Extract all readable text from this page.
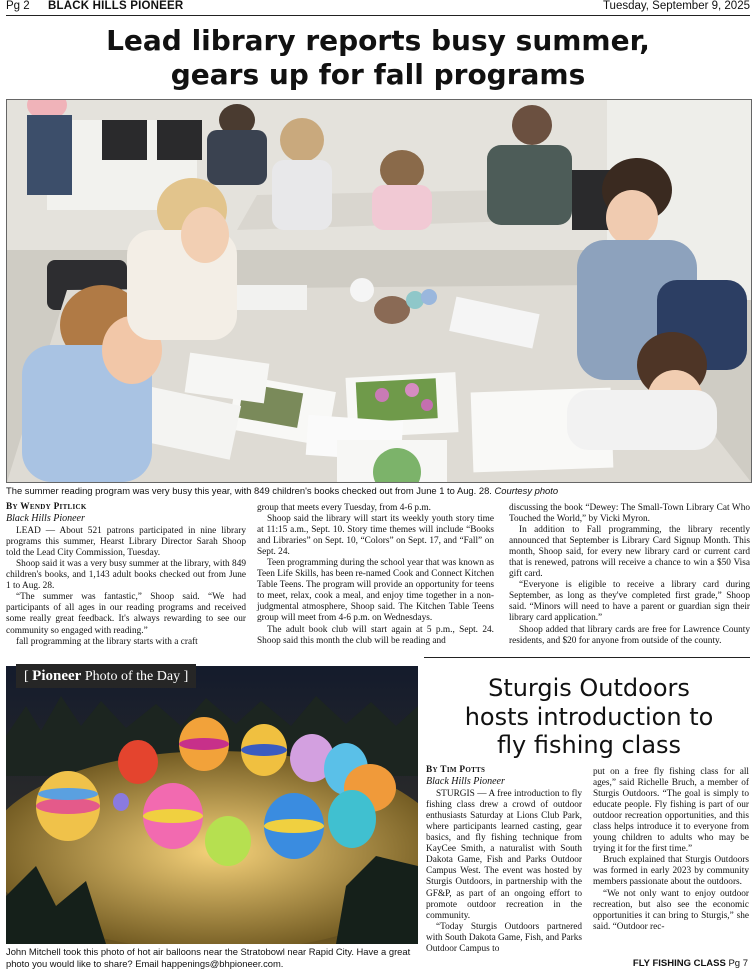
Pg 2 BLACK HILLS PIONEER	Tuesday, September 9, 2025
Lead library reports busy summer,
gears up for fall programs
The summer reading program was very busy this year, with 849 children's books checked out from June 1 to Aug. 28. Courtesy photo
By Wendy Pitlick
Black Hills Pioneer

LEAD — About 521 patrons participated in nine library programs this summer, Hearst Library Director Sarah Shoop told the Lead City Commission, Tuesday.

Shoop said it was a very busy summer at the library, with 849 children's books, and 1,143 adult books checked out from June 1 to Aug. 28.

“The summer was fantastic,” Shoop said. “We had participants of all ages in our reading programs and received some really great feedback. It's always rewarding to see our community so engaged with reading.”

fall programming at the library starts with a craft

group that meets every Tuesday, from 4-6 p.m.

Shoop said the library will start its weekly youth story time at 11:15 a.m., Sept. 10. Story time themes will include “Books and Libraries” on Sept. 10, “Colors” on Sept. 17, and “Fall” on Sept. 24.

Teen programming during the school year that was known as Teen Life Skills, has been re-named Cook and Connect Kitchen Table Teens. The program will provide an opportunity for teens to meet, relax, cook a meal, and enjoy time together in a non-judgmental atmosphere, Shoop said. The Kitchen Table Teens group will meet from 4-6 p.m. on Wednesdays.

The adult book club will start again at 5 p.m., Sept. 24. Shoop said this month the club will be reading and

discussing the book “Dewey: The Small-Town Library Cat Who Touched the World,” by Vicki Myron.

In addition to Fall programming, the library recently announced that September is Library Card Signup Month. This month, Shoop said, for every new library card or current card that is renewed, patrons will receive a chance to win a $50 Visa gift card.

“Everyone is eligible to receive a library card during September, as long as they've completed first grade,” Shoop said. “Minors will need to have a parent or guardian sign their library card application.”

Shoop added that library cards are free for Lawrence County residents, and $20 for anyone from outside of the county.

[ Pioneer Photo of the Day ]
John Mitchell took this photo of hot air balloons near the Stratobowl near Rapid City. Have a great photo you would like to share? Email happenings@bhpioneer.com.
Sturgis Outdoors
hosts introduction to
fly fishing class
By Tim Potts
Black Hills Pioneer

STURGIS — A free introduction to fly fishing class drew a crowd of outdoor enthusiasts Saturday at Lions Club Park, where participants learned casting, gear basics, and fly fishing technique from KayCee Smith, a naturalist with South Dakota Game, Fish and Parks Outdoor Campus West. The event was hosted by Sturgis Outdoors, in partnership with the GF&P, as part of an ongoing effort to promote outdoor recreation in the community.

“Today Sturgis Outdoors partnered with South Dakota Game, Fish, and Parks Outdoor Campus to

put on a free fly fishing class for all ages,” said Richelle Bruch, a member of Sturgis Outdoors. “The goal is simply to educate people. Fly fishing is part of our outdoor recreation opportunities, and this class helps introduce it to everyone from young children to adults who may be trying it for the first time.”

Bruch explained that Sturgis Outdoors was formed in early 2023 by community members passionate about the outdoors.

“We not only want to enjoy outdoor recreation, but also see the economic opportunities it can bring to Sturgis,” she said. “Outdoor rec-

FLY FISHING CLASS Pg 7
